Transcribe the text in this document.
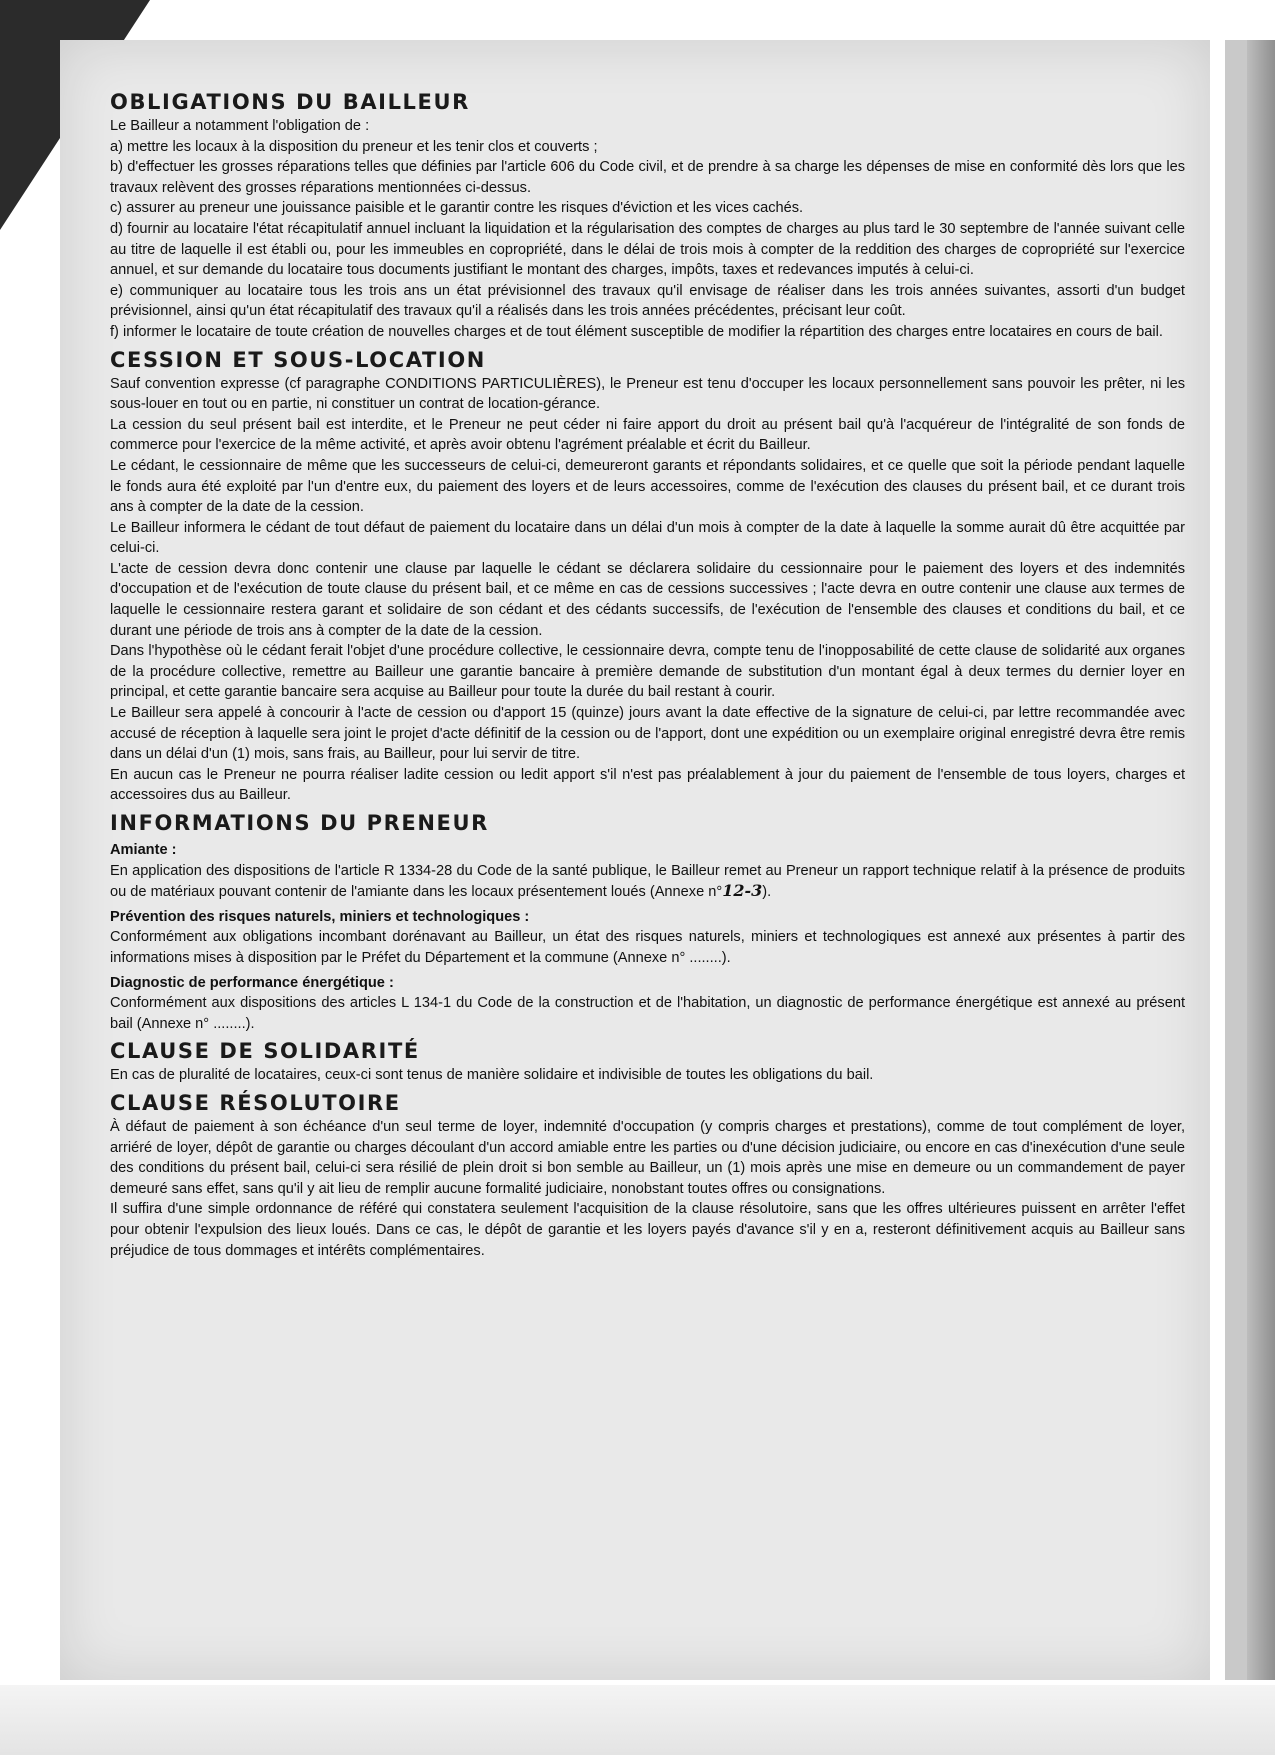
OBLIGATIONS DU BAILLEUR

Le Bailleur a notamment l'obligation de :

a) mettre les locaux à la disposition du preneur et les tenir clos et couverts ;

b) d'effectuer les grosses réparations telles que définies par l'article 606 du Code civil, et de prendre à sa charge les dépenses de mise en conformité dès lors que les travaux relèvent des grosses réparations mentionnées ci-dessus.

c) assurer au preneur une jouissance paisible et le garantir contre les risques d'éviction et les vices cachés.

d) fournir au locataire l'état récapitulatif annuel incluant la liquidation et la régularisation des comptes de charges au plus tard le 30 septembre de l'année suivant celle au titre de laquelle il est établi ou, pour les immeubles en copropriété, dans le délai de trois mois à compter de la reddition des charges de copropriété sur l'exercice annuel, et sur demande du locataire tous documents justifiant le montant des charges, impôts, taxes et redevances imputés à celui-ci.

e) communiquer au locataire tous les trois ans un état prévisionnel des travaux qu'il envisage de réaliser dans les trois années suivantes, assorti d'un budget prévisionnel, ainsi qu'un état récapitulatif des travaux qu'il a réalisés dans les trois années précédentes, précisant leur coût.

f) informer le locataire de toute création de nouvelles charges et de tout élément susceptible de modifier la répartition des charges entre locataires en cours de bail.

CESSION ET SOUS-LOCATION

Sauf convention expresse (cf paragraphe CONDITIONS PARTICULIÈRES), le Preneur est tenu d'occuper les locaux personnellement sans pouvoir les prêter, ni les sous-louer en tout ou en partie, ni constituer un contrat de location-gérance.

La cession du seul présent bail est interdite, et le Preneur ne peut céder ni faire apport du droit au présent bail qu'à l'acquéreur de l'intégralité de son fonds de commerce pour l'exercice de la même activité, et après avoir obtenu l'agrément préalable et écrit du Bailleur.

Le cédant, le cessionnaire de même que les successeurs de celui-ci, demeureront garants et répondants solidaires, et ce quelle que soit la période pendant laquelle le fonds aura été exploité par l'un d'entre eux, du paiement des loyers et de leurs accessoires, comme de l'exécution des clauses du présent bail, et ce durant trois ans à compter de la date de la cession.

Le Bailleur informera le cédant de tout défaut de paiement du locataire dans un délai d'un mois à compter de la date à laquelle la somme aurait dû être acquittée par celui-ci.

L'acte de cession devra donc contenir une clause par laquelle le cédant se déclarera solidaire du cessionnaire pour le paiement des loyers et des indemnités d'occupation et de l'exécution de toute clause du présent bail, et ce même en cas de cessions successives ; l'acte devra en outre contenir une clause aux termes de laquelle le cessionnaire restera garant et solidaire de son cédant et des cédants successifs, de l'exécution de l'ensemble des clauses et conditions du bail, et ce durant une période de trois ans à compter de la date de la cession.

Dans l'hypothèse où le cédant ferait l'objet d'une procédure collective, le cessionnaire devra, compte tenu de l'inopposabilité de cette clause de solidarité aux organes de la procédure collective, remettre au Bailleur une garantie bancaire à première demande de substitution d'un montant égal à deux termes du dernier loyer en principal, et cette garantie bancaire sera acquise au Bailleur pour toute la durée du bail restant à courir.

Le Bailleur sera appelé à concourir à l'acte de cession ou d'apport 15 (quinze) jours avant la date effective de la signature de celui-ci, par lettre recommandée avec accusé de réception à laquelle sera joint le projet d'acte définitif de la cession ou de l'apport, dont une expédition ou un exemplaire original enregistré devra être remis dans un délai d'un (1) mois, sans frais, au Bailleur, pour lui servir de titre.

En aucun cas le Preneur ne pourra réaliser ladite cession ou ledit apport s'il n'est pas préalablement à jour du paiement de l'ensemble de tous loyers, charges et accessoires dus au Bailleur.

INFORMATIONS DU PRENEUR

Amiante :

En application des dispositions de l'article R 1334-28 du Code de la santé publique, le Bailleur remet au Preneur un rapport technique relatif à la présence de produits ou de matériaux pouvant contenir de l'amiante dans les locaux présentement loués (Annexe n°12-3).

Prévention des risques naturels, miniers et technologiques :

Conformément aux obligations incombant dorénavant au Bailleur, un état des risques naturels, miniers et technologiques est annexé aux présentes à partir des informations mises à disposition par le Préfet du Département et la commune (Annexe n° ........).

Diagnostic de performance énergétique :

Conformément aux dispositions des articles L 134-1 du Code de la construction et de l'habitation, un diagnostic de performance énergétique est annexé au présent bail (Annexe n° ........).

CLAUSE DE SOLIDARITÉ

En cas de pluralité de locataires, ceux-ci sont tenus de manière solidaire et indivisible de toutes les obligations du bail.

CLAUSE RÉSOLUTOIRE

À défaut de paiement à son échéance d'un seul terme de loyer, indemnité d'occupation (y compris charges et prestations), comme de tout complément de loyer, arriéré de loyer, dépôt de garantie ou charges découlant d'un accord amiable entre les parties ou d'une décision judiciaire, ou encore en cas d'inexécution d'une seule des conditions du présent bail, celui-ci sera résilié de plein droit si bon semble au Bailleur, un (1) mois après une mise en demeure ou un commandement de payer demeuré sans effet, sans qu'il y ait lieu de remplir aucune formalité judiciaire, nonobstant toutes offres ou consignations.

Il suffira d'une simple ordonnance de référé qui constatera seulement l'acquisition de la clause résolutoire, sans que les offres ultérieures puissent en arrêter l'effet pour obtenir l'expulsion des lieux loués. Dans ce cas, le dépôt de garantie et les loyers payés d'avance s'il y en a, resteront définitivement acquis au Bailleur sans préjudice de tous dommages et intérêts complémentaires.
